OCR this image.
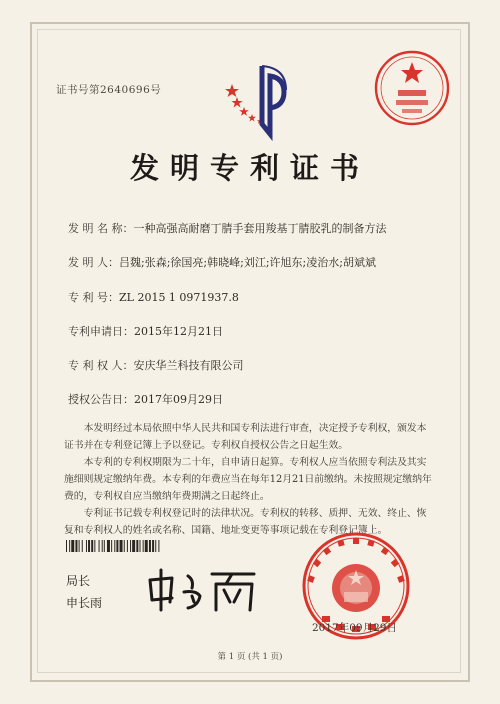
证书号第2640696号
发明专利证书
发 明 名 称：一种高强高耐磨丁腈手套用羧基丁腈胶乳的制备方法
发 明 人：吕魏;张森;徐国亮;韩晓峰;刘江;许旭东;凌治水;胡斌斌
专 利 号：ZL 2015 1 0971937.8
专利申请日：2015年12月21日
专 利 权 人：安庆华兰科技有限公司
授权公告日：2017年09月29日

本发明经过本局依照中华人民共和国专利法进行审查，决定授予专利权，颁发本证书并在专利登记簿上予以登记。专利权自授权公告之日起生效。

本专利的专利权期限为二十年，自申请日起算。专利权人应当依照专利法及其实施细则规定缴纳年费。本专利的年费应当在每年12月21日前缴纳。未按照规定缴纳年费的，专利权自应当缴纳年费期满之日起终止。

专利证书记载专利权登记时的法律状况。专利权的转移、质押、无效、终止、恢复和专利权人的姓名或名称、国籍、地址变更等事项记载在专利登记簿上。

局长
申长雨
2017年09月29日
第 1 页 (共 1 页)
